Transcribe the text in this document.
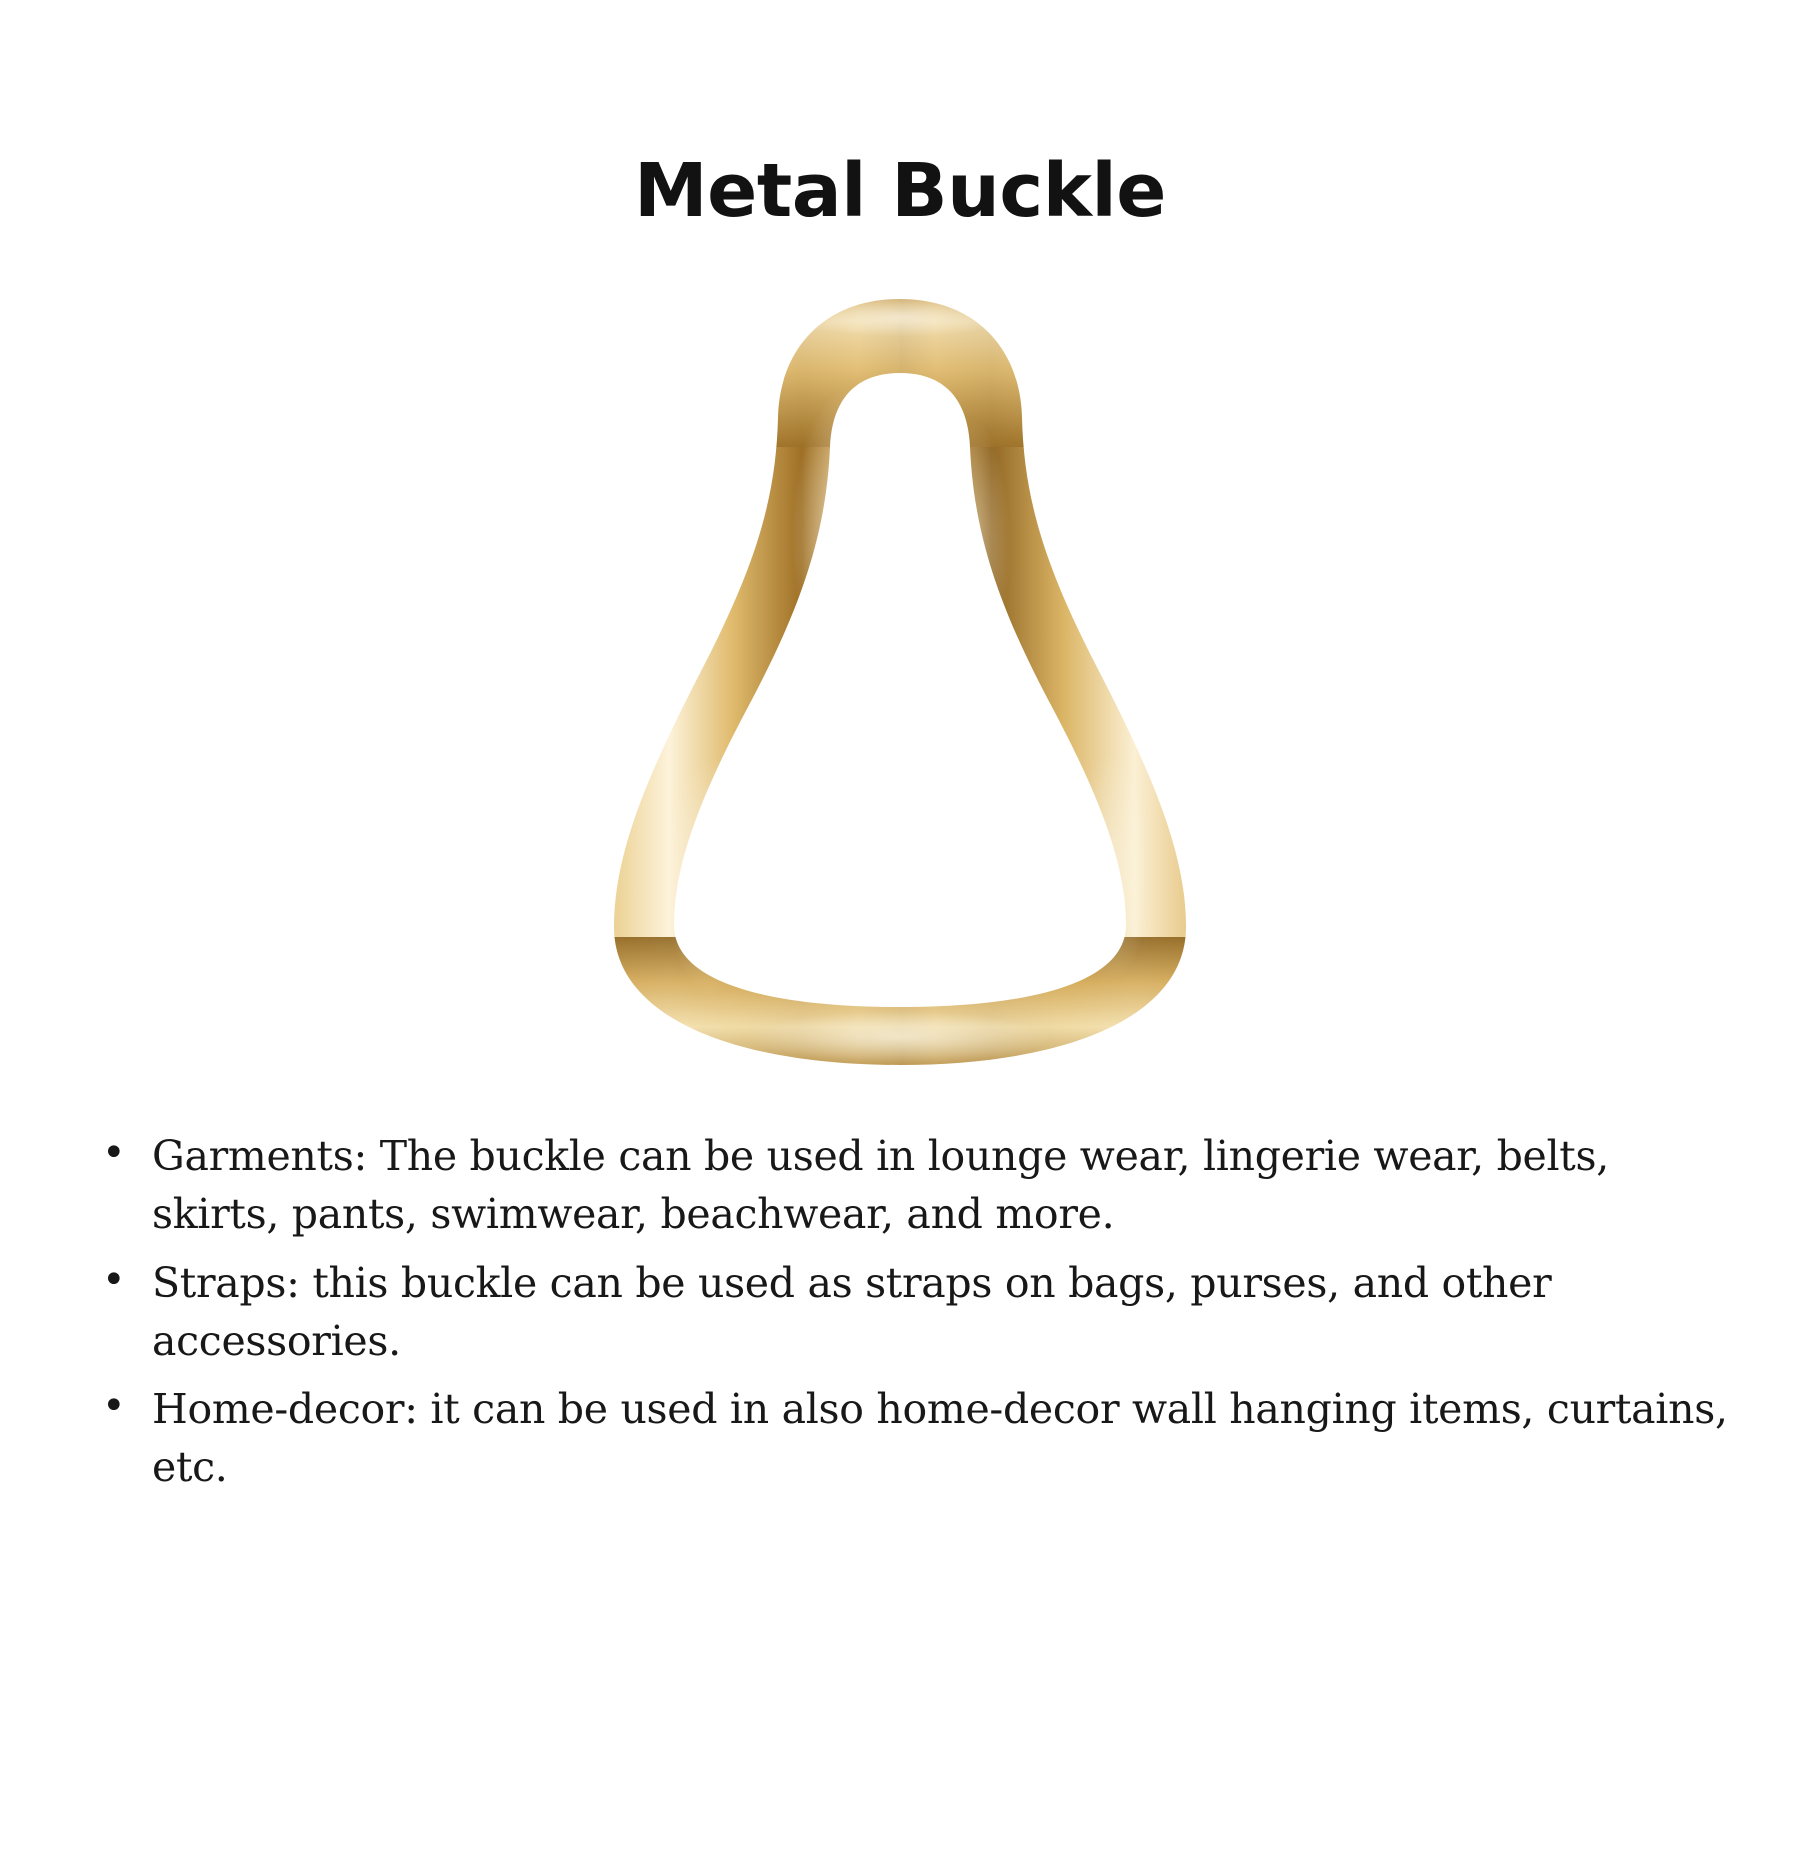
Metal Buckle
• Garments: The buckle can be used in lounge wear, lingerie wear, belts, skirts, pants, swimwear, beachwear, and more.
• Straps: this buckle can be used as straps on bags, purses, and other accessories.
• Home-decor: it can be used in also home-decor wall hanging items, curtains, etc.
